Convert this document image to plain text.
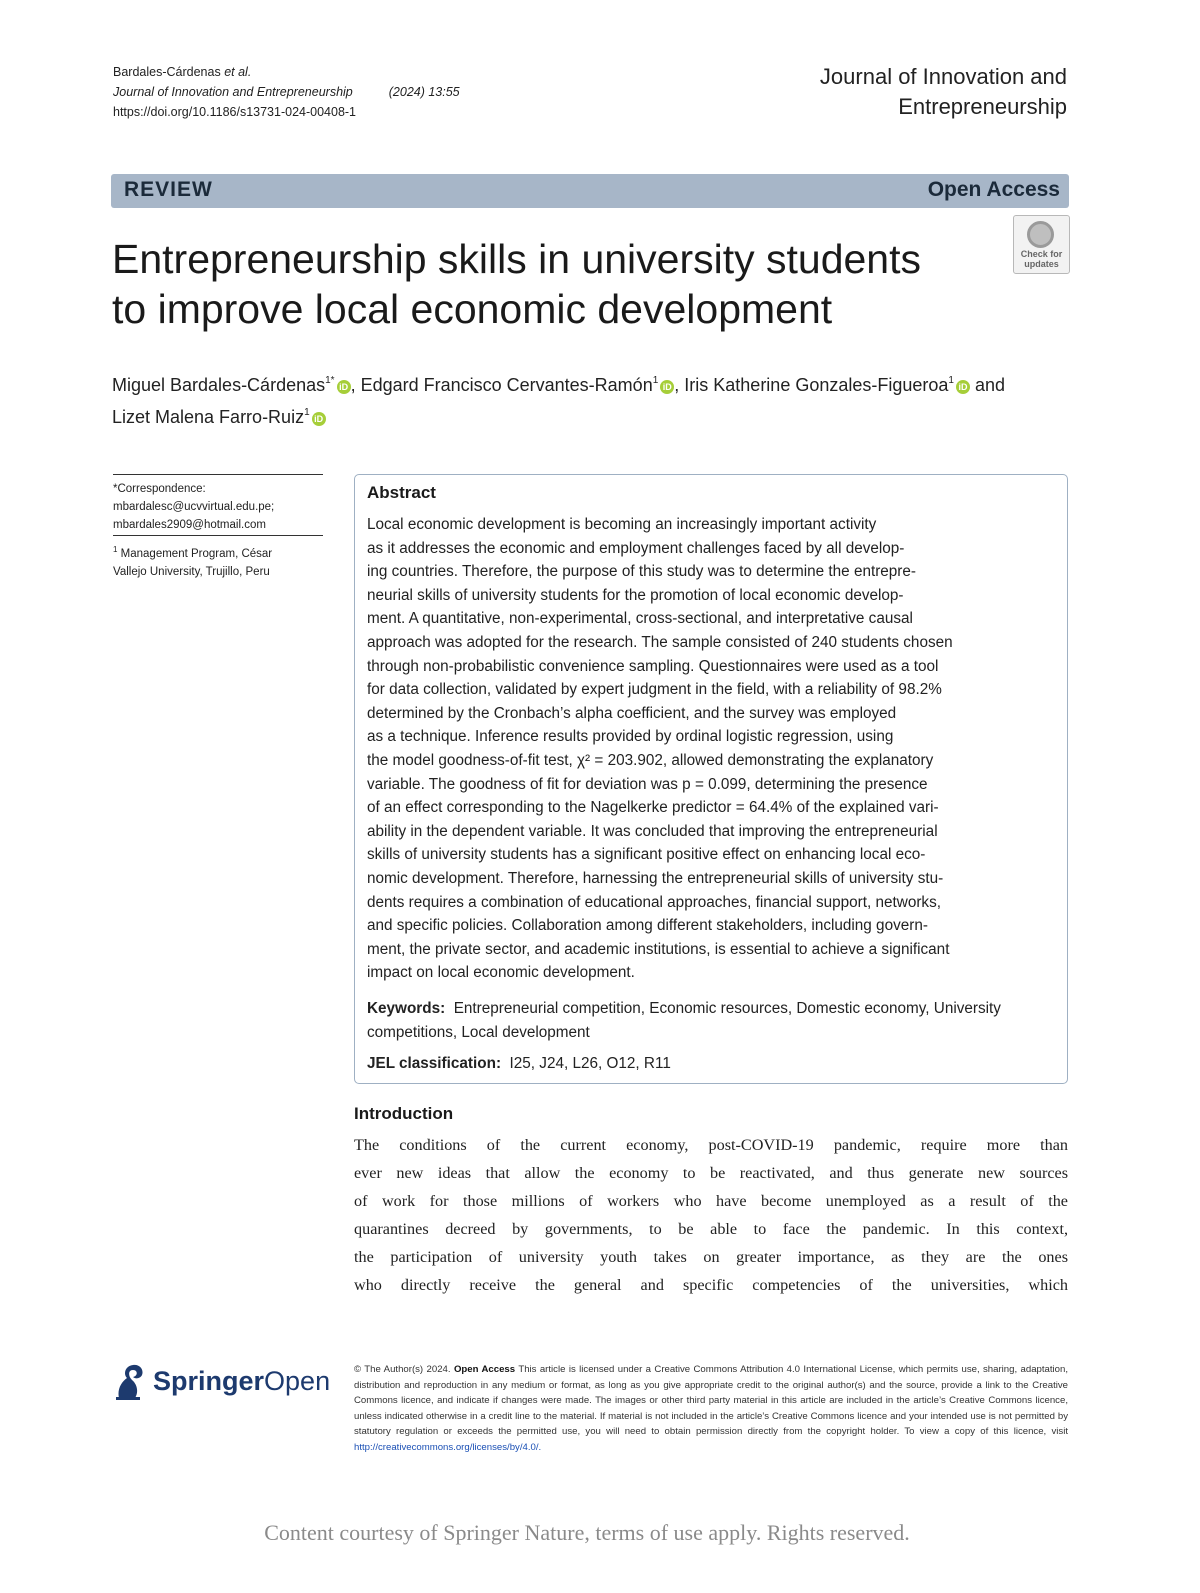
Bardales-Cárdenas et al.
Journal of Innovation and Entrepreneurship	(2024) 13:55
https://doi.org/10.1186/s13731-024-00408-1
Journal of Innovation and
Entrepreneurship
REVIEW	Open Access
Entrepreneurship skills in university students
to improve local economic development
Check for updates
Miguel Bardales-Cárdenas$^{1*}$iD , Edgard Francisco Cervantes-Ramón$^1$iD , Iris Katherine Gonzales-Figueroa$^1$iD and
Lizet Malena Farro-Ruiz$^1$iD
*Correspondence:
mbardalesc@ucvvirtual.edu.pe;
mbardales2909@hotmail.com
$^1$ Management Program, César
Vallejo University, Trujillo, Peru
Abstract
Local economic development is becoming an increasingly important activity
as it addresses the economic and employment challenges faced by all develop-
ing countries. Therefore, the purpose of this study was to determine the entrepre-
neurial skills of university students for the promotion of local economic develop-
ment. A quantitative, non-experimental, cross-sectional, and interpretative causal
approach was adopted for the research. The sample consisted of 240 students chosen
through non-probabilistic convenience sampling. Questionnaires were used as a tool
for data collection, validated by expert judgment in the field, with a reliability of 98.2%
determined by the Cronbach’s alpha coefficient, and the survey was employed
as a technique. Inference results provided by ordinal logistic regression, using
the model goodness-of-fit test, χ² = 203.902, allowed demonstrating the explanatory
variable. The goodness of fit for deviation was p = 0.099, determining the presence
of an effect corresponding to the Nagelkerke predictor = 64.4% of the explained vari-
ability in the dependent variable. It was concluded that improving the entrepreneurial
skills of university students has a significant positive effect on enhancing local eco-
nomic development. Therefore, harnessing the entrepreneurial skills of university stu-
dents requires a combination of educational approaches, financial support, networks,
and specific policies. Collaboration among different stakeholders, including govern-
ment, the private sector, and academic institutions, is essential to achieve a significant
impact on local economic development.
Keywords: Entrepreneurial competition, Economic resources, Domestic economy, University competitions, Local development
JEL classification: I25, J24, L26, O12, R11
Introduction
The conditions of the current economy, post-COVID-19 pandemic, require more than
ever new ideas that allow the economy to be reactivated, and thus generate new sources
of work for those millions of workers who have become unemployed as a result of the
quarantines decreed by governments, to be able to face the pandemic. In this context,
the participation of university youth takes on greater importance, as they are the ones
who directly receive the general and specific competencies of the universities, which
SpringerOpen © The Author(s) 2024. Open Access This article is licensed under a Creative Commons Attribution 4.0 International License, which permits use, sharing, adaptation, distribution and reproduction in any medium or format, as long as you give appropriate credit to the original author(s) and the source, provide a link to the Creative Commons licence, and indicate if changes were made. The images or other third party material in this article are included in the article’s Creative Commons licence, unless indicated otherwise in a credit line to the material. If material is not included in the article’s Creative Commons licence and your intended use is not permitted by statutory regulation or exceeds the permitted use, you will need to obtain permission directly from the copyright holder. To view a copy of this licence, visit http://creativecommons.org/licenses/by/4.0/.
Content courtesy of Springer Nature, terms of use apply. Rights reserved.
